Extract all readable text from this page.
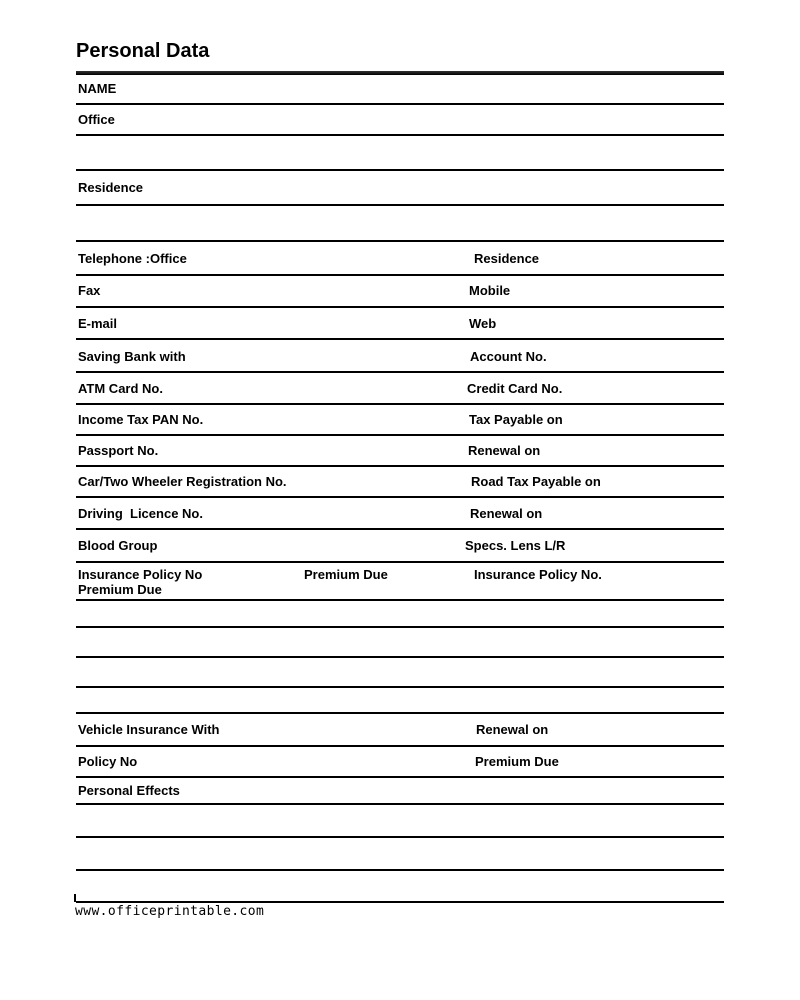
Personal Data
NAME
Office
Residence
Telephone :Office
Fax
E-mail
Saving Bank with
ATM Card No.
Income Tax PAN No.
Passport No.
Car/Two Wheeler Registration No.
Driving  Licence No.
Blood Group
Insurance Policy No
Premium Due
Vehicle Insurance With
Policy No
Personal Effects
Premium Due
Residence
Mobile
Web
Account No.
Credit Card No.
Tax Payable on
Renewal on
Road Tax Payable on
Renewal on
Specs. Lens L/R
Insurance Policy No.
Renewal on
Premium Due
www.officeprintable.com
